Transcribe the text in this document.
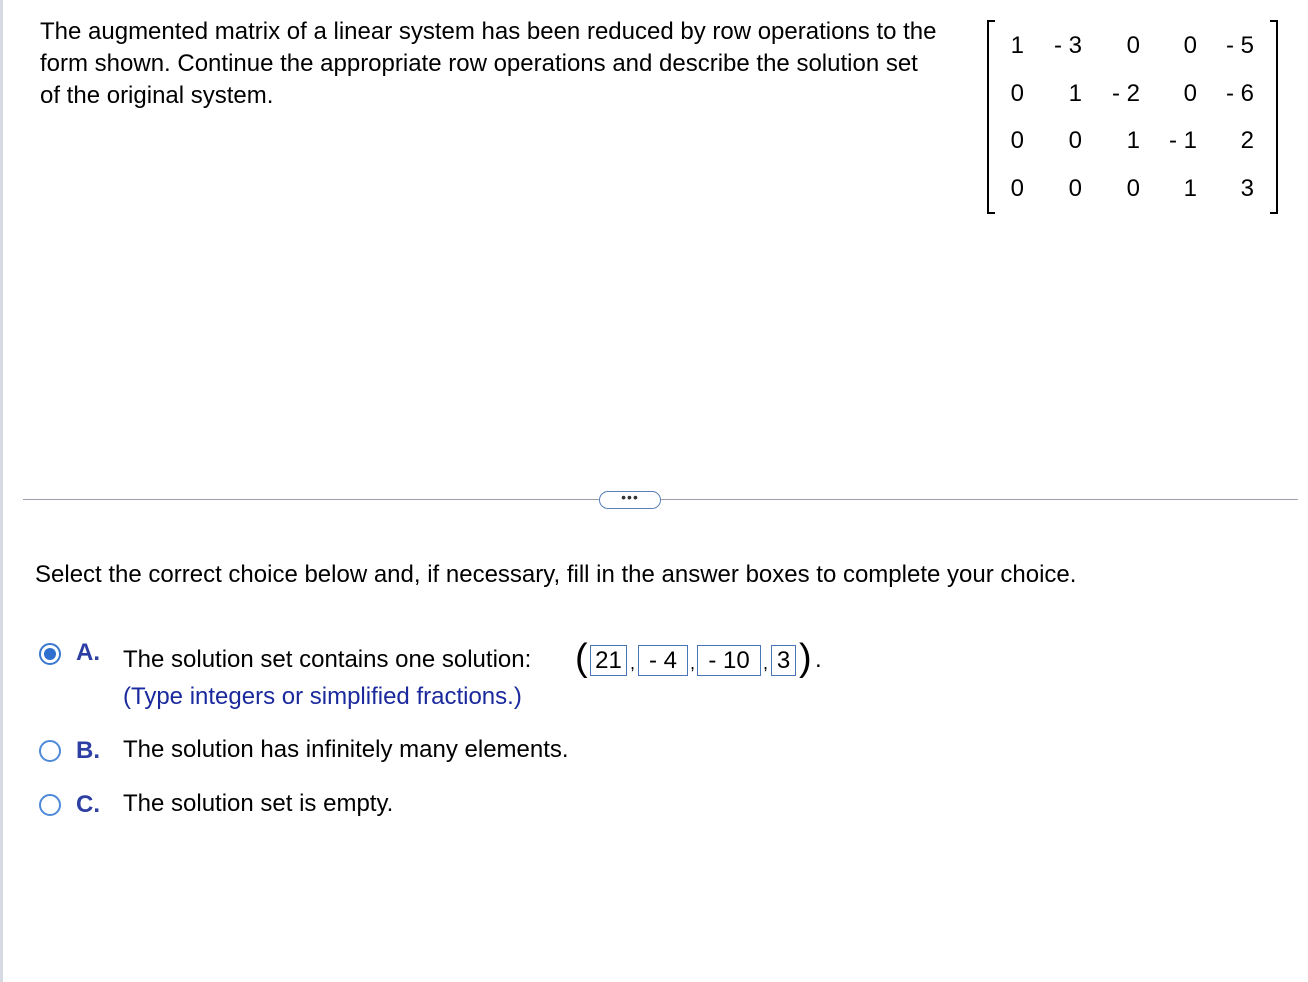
The augmented matrix of a linear system has been reduced by row operations to the form shown. Continue the appropriate row operations and describe the solution set of the original system.

1	- 3	0	0	- 5
0	1	- 2	0	- 6
0	0	1	- 1	2
0	0	0	1	3
•••

Select the correct choice below and, if necessary, fill in the answer boxes to complete your choice.

A. The solution set contains one solution: ( 21 , - 4 , - 10 , 3 ) .
(Type integers or simplified fractions.)
B. The solution has infinitely many elements.
C. The solution set is empty.
